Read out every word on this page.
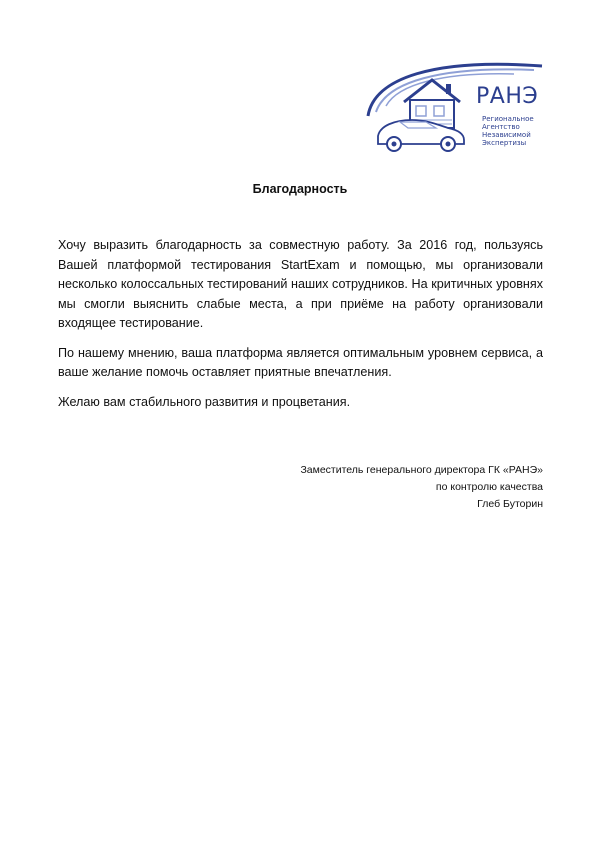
РАНЭ
Региональное
Агентство
Независимой
Экспертизы
Благодарность

Хочу выразить благодарность за совместную работу. За 2016 год, пользуясь Вашей платформой тестирования StartExam и помощью, мы организовали несколько колоссальных тестирований наших сотрудников. На критичных уровнях мы смогли выяснить слабые места, а при приёме на работу организовали входящее тестирование.

По нашему мнению, ваша платформа является оптимальным уровнем сервиса, а ваше желание помочь оставляет приятные впечатления.

Желаю вам стабильного развития и процветания.

Заместитель генерального директора ГК «РАНЭ»
по контролю качества
Глеб Буторин
